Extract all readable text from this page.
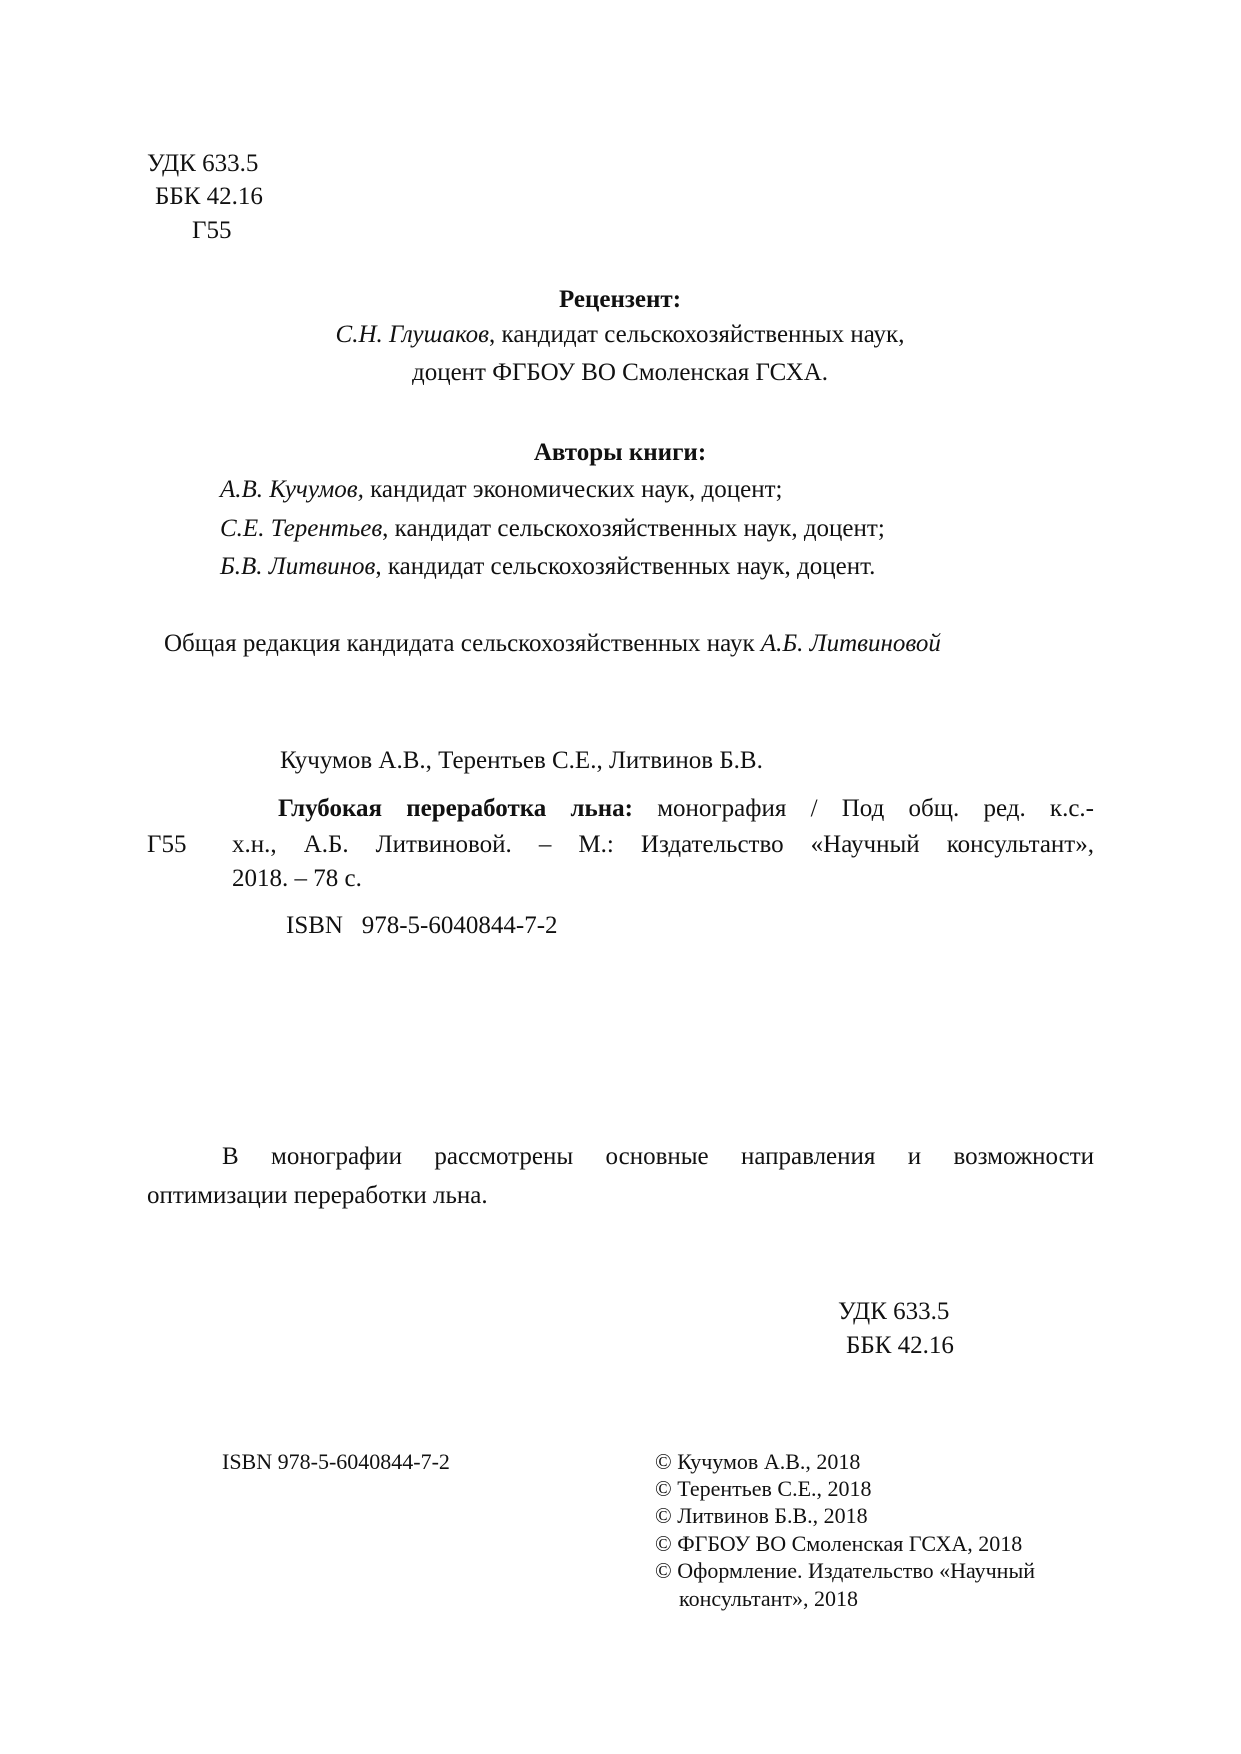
УДК 633.5
ББК 42.16
Г55
Рецензент:
С.Н. Глушаков, кандидат сельскохозяйственных наук,
доцент ФГБОУ ВО Смоленская ГСХА.
Авторы книги:
А.В. Кучумов, кандидат экономических наук, доцент;
С.Е. Терентьев, кандидат сельскохозяйственных наук, доцент;
Б.В. Литвинов, кандидат сельскохозяйственных наук, доцент.
Общая редакция кандидата сельскохозяйственных наук А.Б. Литвиновой
Кучумов А.В., Терентьев С.Е., Литвинов Б.В.
Глубокая переработка льна: монография / Под общ. ред. к.с.-
Г55 х.н., А.Б. Литвиновой. – М.: Издательство «Научный консультант»,
2018. – 78 с.
ISBN 978-5-6040844-7-2
В монографии рассмотрены основные направления и возможности
оптимизации переработки льна.
УДК 633.5
ББК 42.16
ISBN 978-5-6040844-7-2	© Кучумов А.В., 2018
© Терентьев С.Е., 2018
© Литвинов Б.В., 2018
© ФГБОУ ВО Смоленская ГСХА, 2018
© Оформление. Издательство «Научный
консультант», 2018
